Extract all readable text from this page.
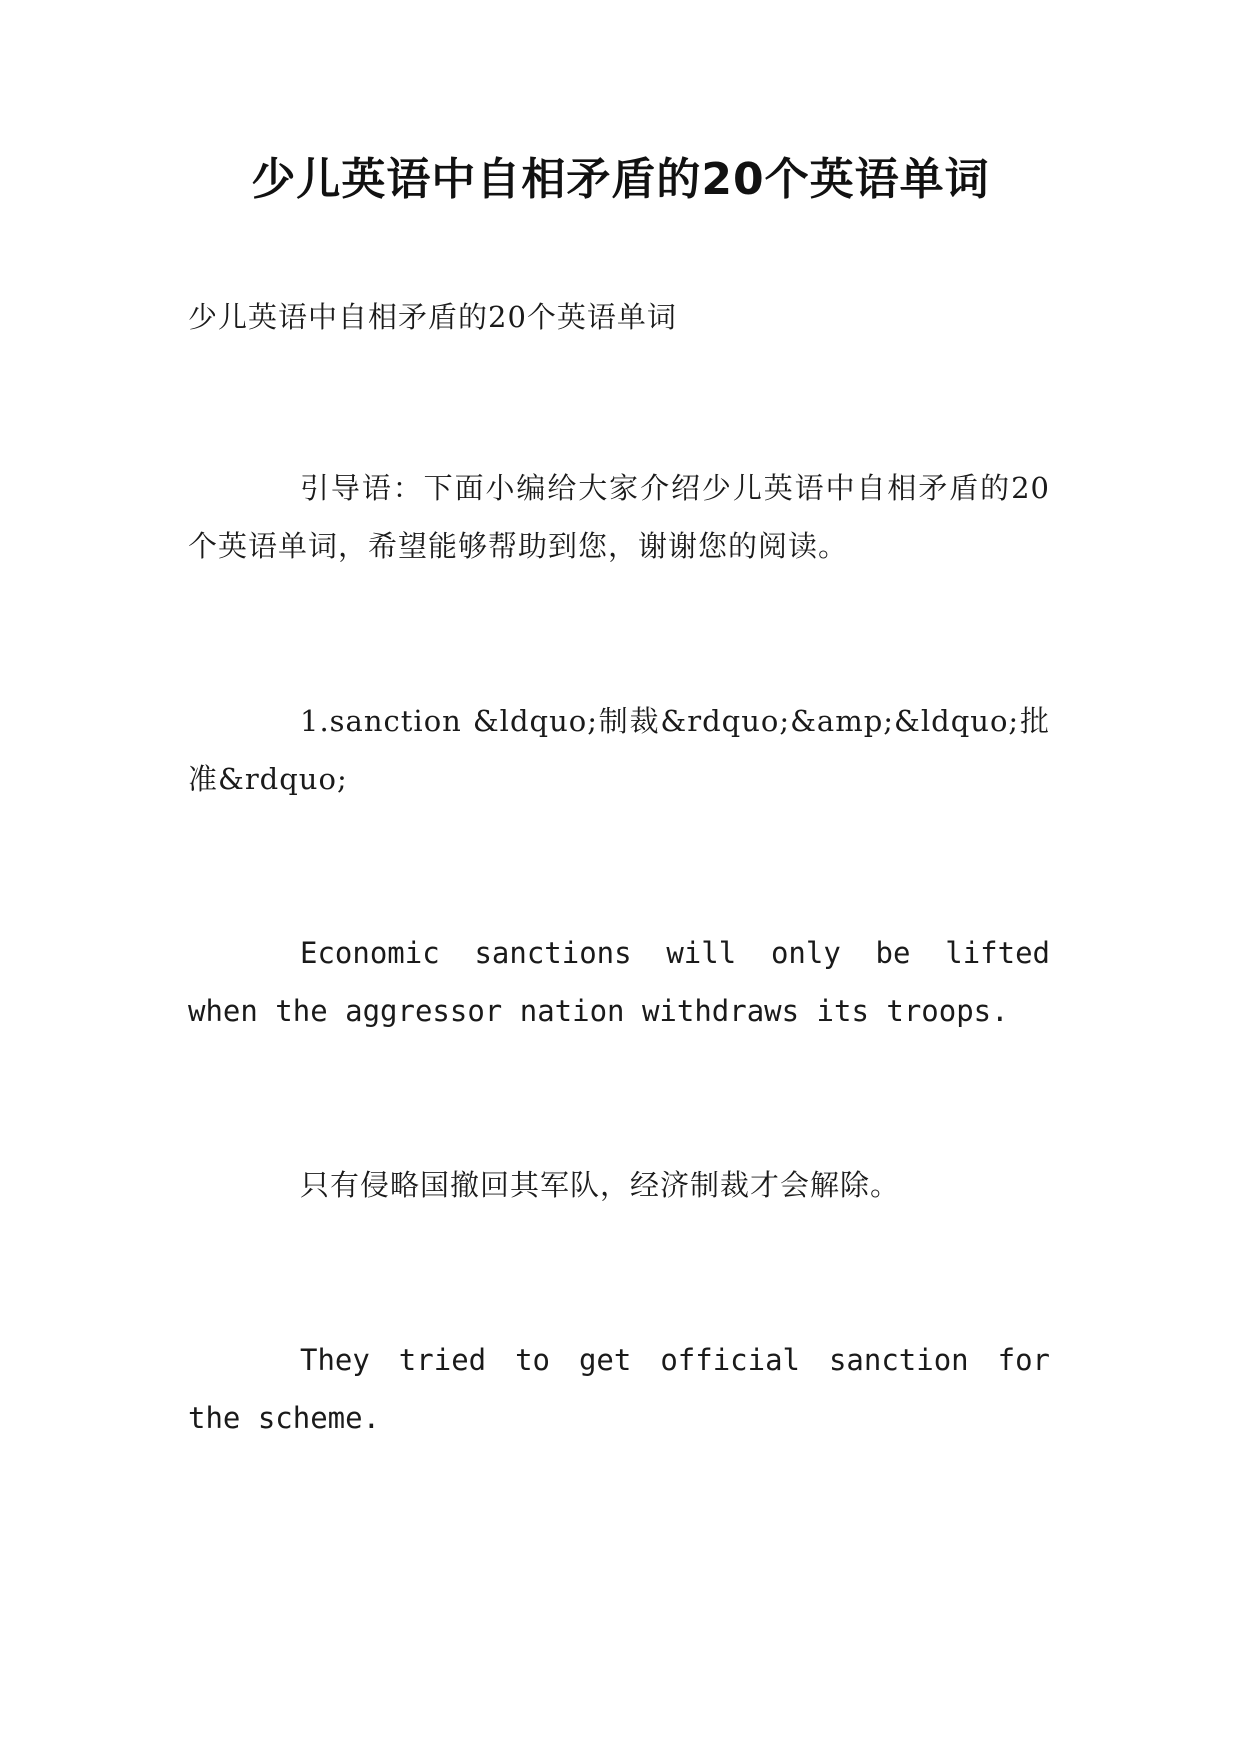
少儿英语中自相矛盾的20个英语单词
少儿英语中自相矛盾的20个英语单词
引导语：下面小编给大家介绍少儿英语中自相矛盾的20个英语单词，希望能够帮助到您，谢谢您的阅读。
1.sanction &ldquo;制裁&rdquo;&amp;&ldquo;批准&rdquo;
Economic sanctions will only be lifted when the aggressor nation withdraws its troops.
只有侵略国撤回其军队，经济制裁才会解除。
They tried to get official sanction for the scheme.
